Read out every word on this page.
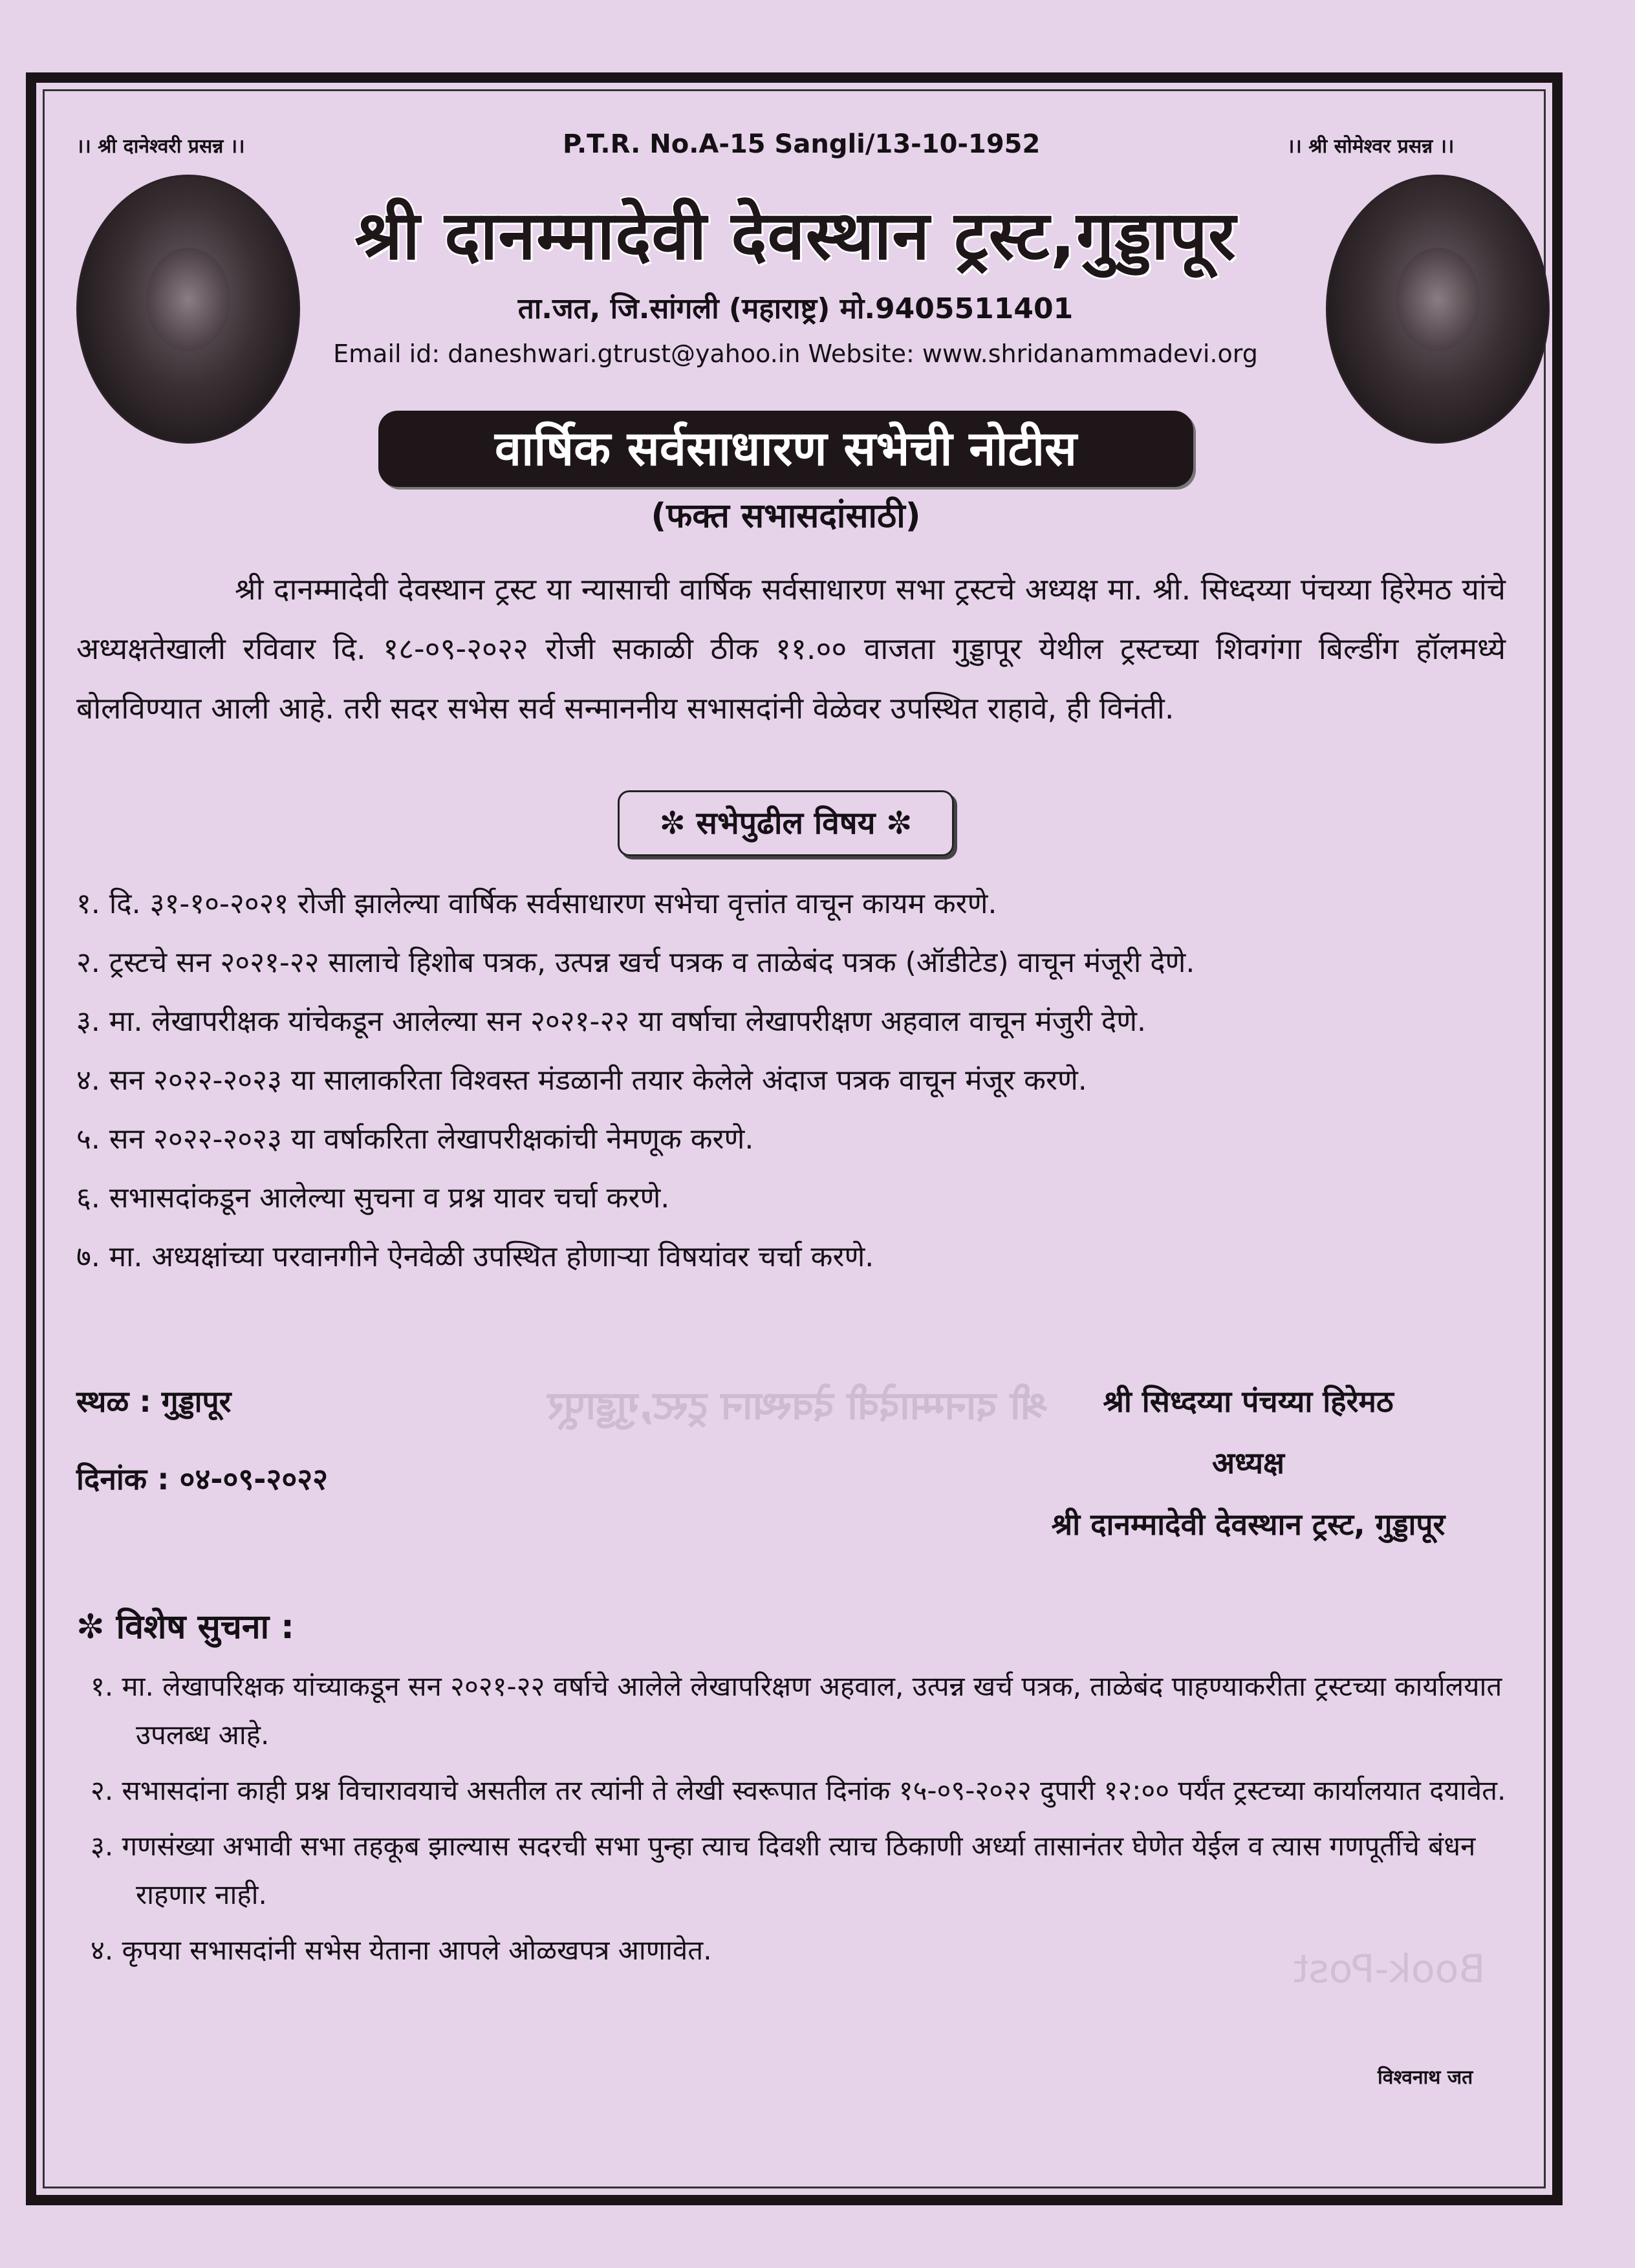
श्री दानम्मादेवी देवस्थान ट्रस्ट,गुड्डापूर
Book-Post
।। श्री दानेश्वरी प्रसन्न ।।	P.T.R. No.A-15 Sangli/13-10-1952	।। श्री सोमेश्वर प्रसन्न ।।
श्री दानम्मादेवी देवस्थान ट्रस्ट,गुड्डापूर
ता.जत, जि.सांगली (महाराष्ट्र) मो.9405511401
Email id: daneshwari.gtrust@yahoo.in Website: www.shridanammadevi.org
वार्षिक सर्वसाधारण सभेची नोटीस
(फक्त सभासदांसाठी)
श्री दानम्मादेवी देवस्थान ट्रस्ट या न्यासाची वार्षिक सर्वसाधारण सभा ट्रस्टचे अध्यक्ष मा. श्री. सिध्दय्या पंचय्या हिरेमठ यांचे अध्यक्षतेखाली रविवार दि. १८-०९-२०२२ रोजी सकाळी ठीक ११.०० वाजता गुड्डापूर येथील ट्रस्टच्या शिवगंगा बिल्डींग हॉलमध्ये बोलविण्यात आली आहे. तरी सदर सभेस सर्व सन्माननीय सभासदांनी वेळेवर उपस्थित राहावे, ही विनंती.
✼ सभेपुढील विषय ✼
१. दि. ३१-१०-२०२१ रोजी झालेल्या वार्षिक सर्वसाधारण सभेचा वृत्तांत वाचून कायम करणे.
२. ट्रस्टचे सन २०२१-२२ सालाचे हिशोब पत्रक, उत्पन्न खर्च पत्रक व ताळेबंद पत्रक (ऑडीटेड) वाचून मंजूरी देणे.
३. मा. लेखापरीक्षक यांचेकडून आलेल्या सन २०२१-२२ या वर्षाचा लेखापरीक्षण अहवाल वाचून मंजुरी देणे.
४. सन २०२२-२०२३ या सालाकरिता विश्वस्त मंडळानी तयार केलेले अंदाज पत्रक वाचून मंजूर करणे.
५. सन २०२२-२०२३ या वर्षाकरिता लेखापरीक्षकांची नेमणूक करणे.
६. सभासदांकडून आलेल्या सुचना व प्रश्न यावर चर्चा करणे.
७. मा. अध्यक्षांच्या परवानगीने ऐनवेळी उपस्थित होणाऱ्या विषयांवर चर्चा करणे.
स्थळ : गुड्डापूर
दिनांक : ०४-०९-२०२२
श्री सिध्दय्या पंचय्या हिरेमठ
अध्यक्ष
श्री दानम्मादेवी देवस्थान ट्रस्ट, गुड्डापूर
✼ विशेष सुचना :
१. मा. लेखापरिक्षक यांच्याकडून सन २०२१-२२ वर्षाचे आलेले लेखापरिक्षण अहवाल, उत्पन्न खर्च पत्रक, ताळेबंद पाहण्याकरीता ट्रस्टच्या कार्यालयात उपलब्ध आहे.
२. सभासदांना काही प्रश्न विचारावयाचे असतील तर त्यांनी ते लेखी स्वरूपात दिनांक १५-०९-२०२२ दुपारी १२:०० पर्यंत ट्रस्टच्या कार्यालयात दयावेत.
३. गणसंख्या अभावी सभा तहकूब झाल्यास सदरची सभा पुन्हा त्याच दिवशी त्याच ठिकाणी अर्ध्या तासानंतर घेणेत येईल व त्यास गणपूर्तीचे बंधन राहणार नाही.
४. कृपया सभासदांनी सभेस येताना आपले ओळखपत्र आणावेत.
विश्वनाथ जत
